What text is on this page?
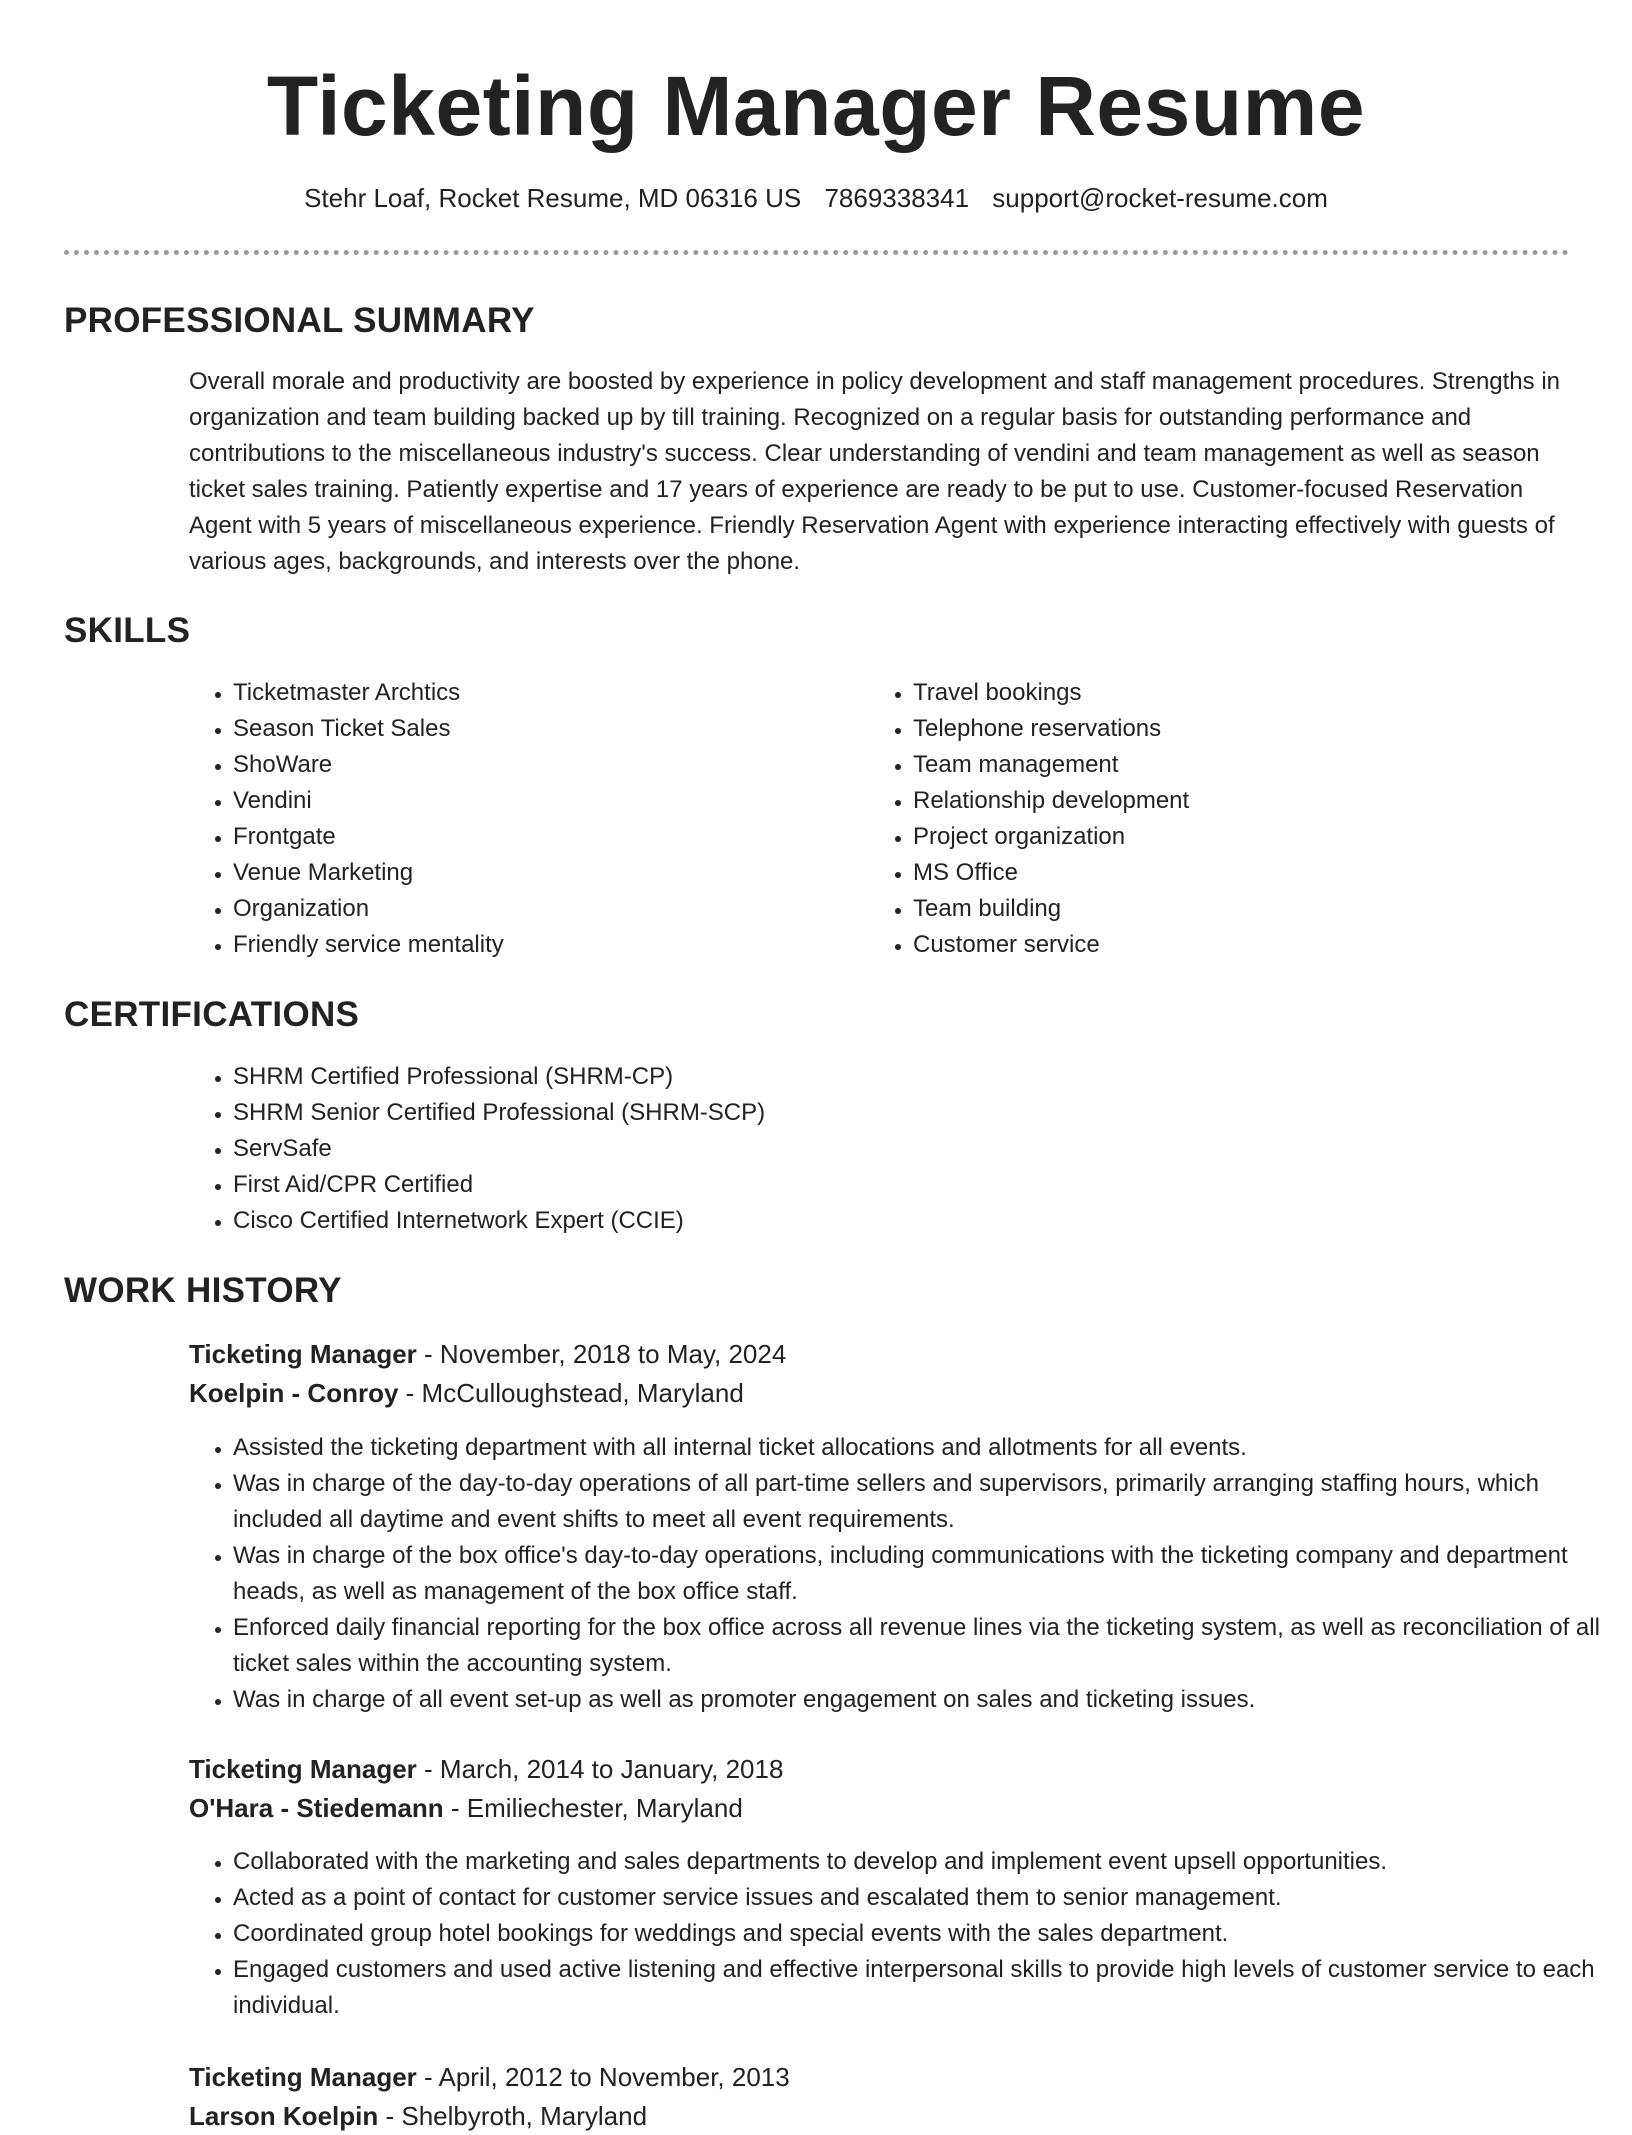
Ticketing Manager Resume
Stehr Loaf, Rocket Resume, MD 06316 US 7869338341 support@rocket-resume.com
PROFESSIONAL SUMMARY

Overall morale and productivity are boosted by experience in policy development and staff management procedures. Strengths in organization and team building backed up by till training. Recognized on a regular basis for outstanding performance and contributions to the miscellaneous industry's success. Clear understanding of vendini and team management as well as season ticket sales training. Patiently expertise and 17 years of experience are ready to be put to use. Customer-focused Reservation Agent with 5 years of miscellaneous experience. Friendly Reservation Agent with experience interacting effectively with guests of various ages, backgrounds, and interests over the phone.

SKILLS
• Ticketmaster Archtics
• Season Ticket Sales
• ShoWare
• Vendini
• Frontgate
• Venue Marketing
• Organization
• Friendly service mentality
• Travel bookings
• Telephone reservations
• Team management
• Relationship development
• Project organization
• MS Office
• Team building
• Customer service
CERTIFICATIONS
• SHRM Certified Professional (SHRM-CP)
• SHRM Senior Certified Professional (SHRM-SCP)
• ServSafe
• First Aid/CPR Certified
• Cisco Certified Internetwork Expert (CCIE)
WORK HISTORY
Ticketing Manager - November, 2018 to May, 2024
Koelpin - Conroy - McCulloughstead, Maryland
• Assisted the ticketing department with all internal ticket allocations and allotments for all events.
• Was in charge of the day-to-day operations of all part-time sellers and supervisors, primarily arranging staffing hours, which included all daytime and event shifts to meet all event requirements.
• Was in charge of the box office's day-to-day operations, including communications with the ticketing company and department heads, as well as management of the box office staff.
• Enforced daily financial reporting for the box office across all revenue lines via the ticketing system, as well as reconciliation of all ticket sales within the accounting system.
• Was in charge of all event set-up as well as promoter engagement on sales and ticketing issues.
Ticketing Manager - March, 2014 to January, 2018
O'Hara - Stiedemann - Emiliechester, Maryland
• Collaborated with the marketing and sales departments to develop and implement event upsell opportunities.
• Acted as a point of contact for customer service issues and escalated them to senior management.
• Coordinated group hotel bookings for weddings and special events with the sales department.
• Engaged customers and used active listening and effective interpersonal skills to provide high levels of customer service to each individual.
Ticketing Manager - April, 2012 to November, 2013
Larson Koelpin - Shelbyroth, Maryland
